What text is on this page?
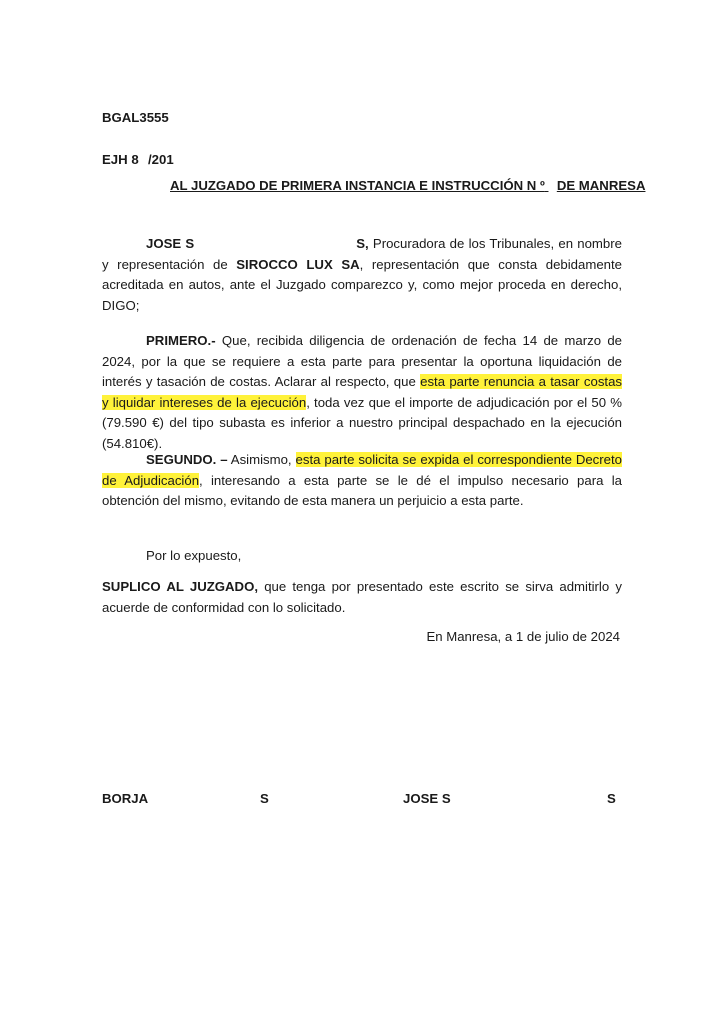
BGAL3555
EJH 8 /201
AL JUZGADO DE PRIMERA INSTANCIA E INSTRUCCIÓN N º DE MANRESA
JOSE S	S, Procuradora de los Tribunales, en nombre y representación de SIROCCO LUX SA, representación que consta debidamente acreditada en autos, ante el Juzgado comparezco y, como mejor proceda en derecho, DIGO;
PRIMERO.- Que, recibida diligencia de ordenación de fecha 14 de marzo de 2024, por la que se requiere a esta parte para presentar la oportuna liquidación de interés y tasación de costas. Aclarar al respecto, que esta parte renuncia a tasar costas y liquidar intereses de la ejecución, toda vez que el importe de adjudicación por el 50 % (79.590 €) del tipo subasta es inferior a nuestro principal despachado en la ejecución (54.810€).
SEGUNDO. – Asimismo, esta parte solicita se expida el correspondiente Decreto de Adjudicación, interesando a esta parte se le dé el impulso necesario para la obtención del mismo, evitando de esta manera un perjuicio a esta parte.
Por lo expuesto,
SUPLICO AL JUZGADO, que tenga por presentado este escrito se sirva admitirlo y acuerde de conformidad con lo solicitado.
En Manresa, a 1 de julio de 2024
BORJA	S	JOSE S	S
